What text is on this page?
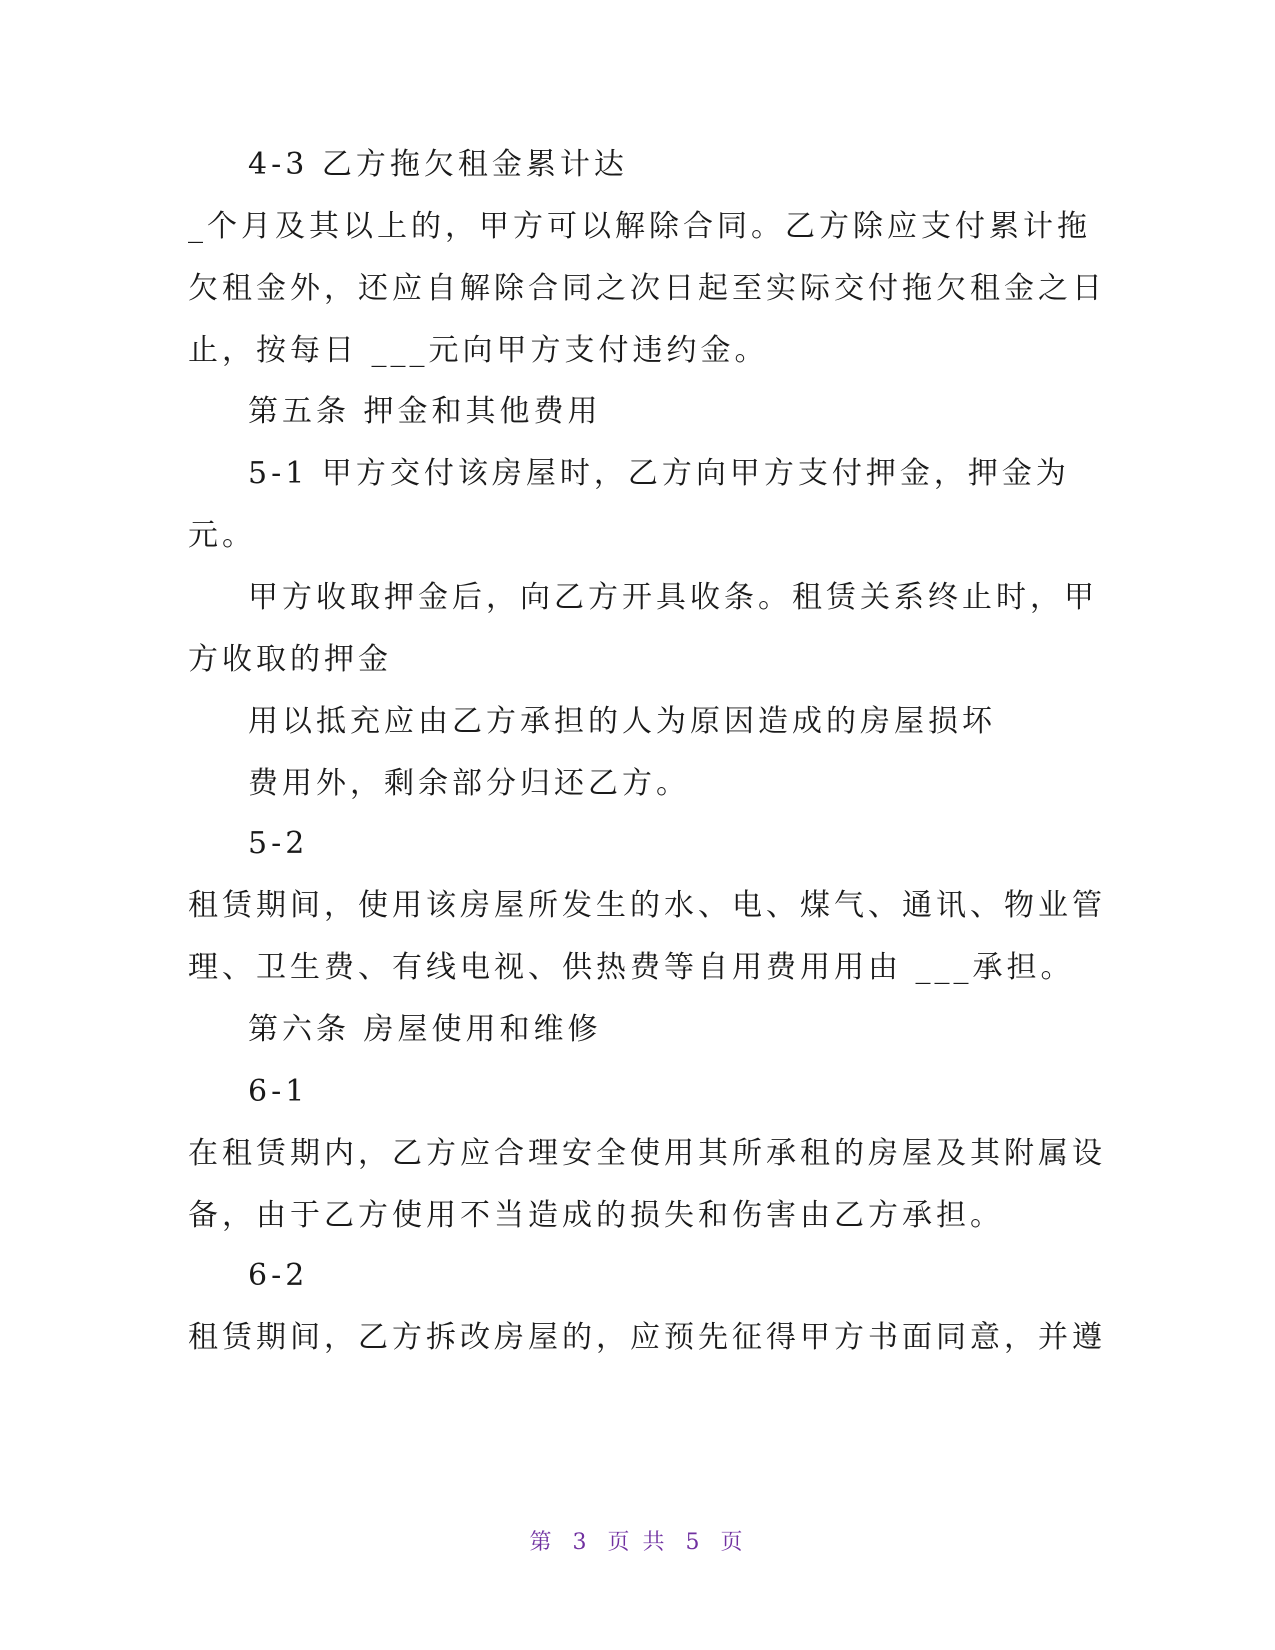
4-3 乙方拖欠租金累计达
_个月及其以上的，甲方可以解除合同。乙方除应支付累计拖
欠租金外，还应自解除合同之次日起至实际交付拖欠租金之日
止，按每日 ___元向甲方支付违约金。
第五条 押金和其他费用
5-1 甲方交付该房屋时，乙方向甲方支付押金，押金为
元。
甲方收取押金后，向乙方开具收条。租赁关系终止时，甲
方收取的押金
用以抵充应由乙方承担的人为原因造成的房屋损坏
费用外，剩余部分归还乙方。
5-2
租赁期间，使用该房屋所发生的水、电、煤气、通讯、物业管
理、卫生费、有线电视、供热费等自用费用用由 ___承担。
第六条 房屋使用和维修
6-1
在租赁期内，乙方应合理安全使用其所承租的房屋及其附属设
备，由于乙方使用不当造成的损失和伤害由乙方承担。
6-2
租赁期间，乙方拆改房屋的，应预先征得甲方书面同意，并遵
第 3 页 共 5 页
